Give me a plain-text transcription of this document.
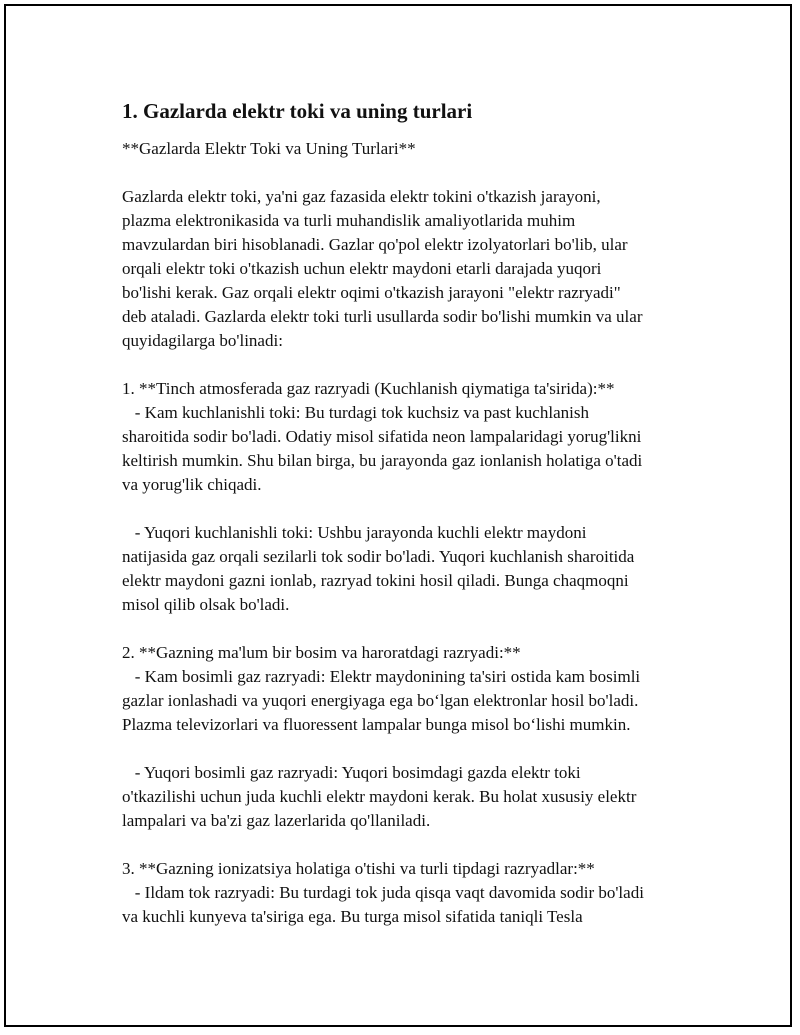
1. Gazlarda elektr toki va uning turlari
**Gazlarda Elektr Toki va Uning Turlari**
Gazlarda elektr toki, ya'ni gaz fazasida elektr tokini o'tkazish jarayoni,
plazma elektronikasida va turli muhandislik amaliyotlarida muhim
mavzulardan biri hisoblanadi. Gazlar qo'pol elektr izolyatorlari bo'lib, ular
orqali elektr toki o'tkazish uchun elektr maydoni etarli darajada yuqori
bo'lishi kerak. Gaz orqali elektr oqimi o'tkazish jarayoni "elektr razryadi"
deb ataladi. Gazlarda elektr toki turli usullarda sodir bo'lishi mumkin va ular
quyidagilarga bo'linadi:
1. **Tinch atmosferada gaz razryadi (Kuchlanish qiymatiga ta'sirida):**
- Kam kuchlanishli toki: Bu turdagi tok kuchsiz va past kuchlanish
sharoitida sodir bo'ladi. Odatiy misol sifatida neon lampalaridagi yorug'likni
keltirish mumkin. Shu bilan birga, bu jarayonda gaz ionlanish holatiga o'tadi
va yorug'lik chiqadi.
- Yuqori kuchlanishli toki: Ushbu jarayonda kuchli elektr maydoni
natijasida gaz orqali sezilarli tok sodir bo'ladi. Yuqori kuchlanish sharoitida
elektr maydoni gazni ionlab, razryad tokini hosil qiladi. Bunga chaqmoqni
misol qilib olsak bo'ladi.
2. **Gazning ma'lum bir bosim va haroratdagi razryadi:**
- Kam bosimli gaz razryadi: Elektr maydonining ta'siri ostida kam bosimli
gazlar ionlashadi va yuqori energiyaga ega bo‘lgan elektronlar hosil bo'ladi.
Plazma televizorlari va fluoressent lampalar bunga misol bo‘lishi mumkin.
- Yuqori bosimli gaz razryadi: Yuqori bosimdagi gazda elektr toki
o'tkazilishi uchun juda kuchli elektr maydoni kerak. Bu holat xususiy elektr
lampalari va ba'zi gaz lazerlarida qo'llaniladi.
3. **Gazning ionizatsiya holatiga o'tishi va turli tipdagi razryadlar:**
- Ildam tok razryadi: Bu turdagi tok juda qisqa vaqt davomida sodir bo'ladi
va kuchli kunyeva ta'siriga ega. Bu turga misol sifatida taniqli Tesla
